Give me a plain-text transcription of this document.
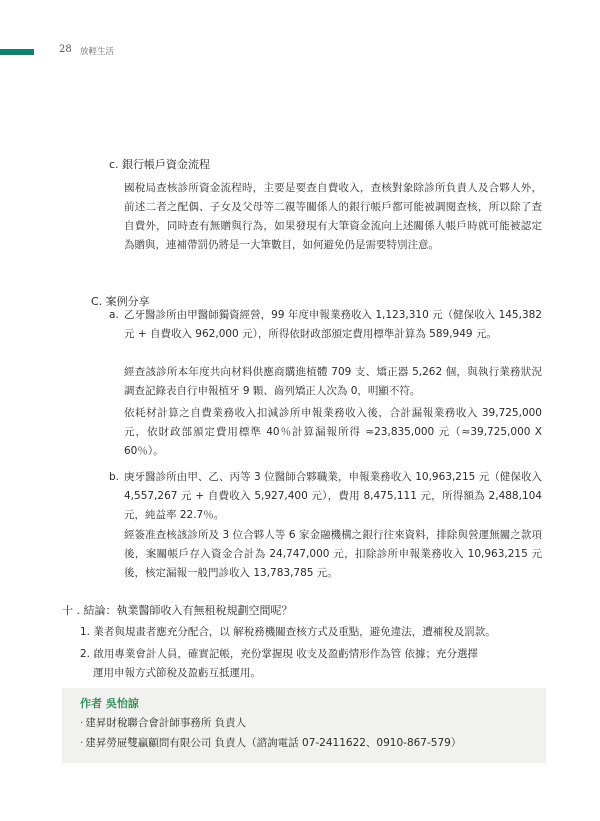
28 放輕生活
c. 銀行帳戶資金流程
國稅局查核診所資金流程時，主要是要查自費收入，查核對象除診所負責人及合夥人外，前述二者之配偶、子女及父母等二親等關係人的銀行帳戶都可能被調閱查核，所以除了查自費外，同時查有無贈與行為，如果發現有大筆資金流向上述關係人帳戶時就可能被認定為贈與，連補帶罰仍將是一大筆數目，如何避免仍是需要特別注意。
C. 案例分享
a. 乙牙醫診所由甲醫師獨資經營，99 年度申報業務收入 1,123,310 元（健保收入 145,382 元 + 自費收入 962,000 元），所得依財政部頒定費用標準計算為 589,949 元。
經查該診所本年度共向材料供應商購進植體 709 支、矯正器 5,262 個，與執行業務狀況調查記錄表自行申報植牙 9 顆、齒列矯正人次為 0，明顯不符。
依耗材計算之自費業務收入扣減診所申報業務收入後，合計漏報業務收入 39,725,000 元，依財政部頒定費用標準 40％計算漏報所得 ≈23,835,000 元（≈39,725,000 X 60％）。
b. 庚牙醫診所由甲、乙、丙等 3 位醫師合夥職業，申報業務收入 10,963,215 元（健保收入 4,557,267 元 + 自費收入 5,927,400 元），費用 8,475,111 元，所得額為 2,488,104 元，純益率 22.7％。
經簽准查核該診所及 3 位合夥人等 6 家金融機構之銀行往來資料，排除與營運無關之款項後，案關帳戶存入資金合計為 24,747,000 元，扣除診所申報業務收入 10,963,215 元後，核定漏報一般門診收入 13,783,785 元。
十 . 結論：執業醫師收入有無租稅規劃空間呢？
1. 業者與規畫者應充分配合，以 解稅務機關查核方式及重點，避免違法，遭補稅及罰款。
2. 啟用專業會計人員，確實記帳，充份掌握現 收支及盈虧情形作為管 依據；充分選擇
運用申報方式節稅及盈虧互抵運用。
作者 吳怡諒
· 建昇財稅聯合會計師事務所 負責人
· 建昇勞屉雙贏顧問有限公司 負責人（諮詢電話 07-2411622、0910-867-579）
